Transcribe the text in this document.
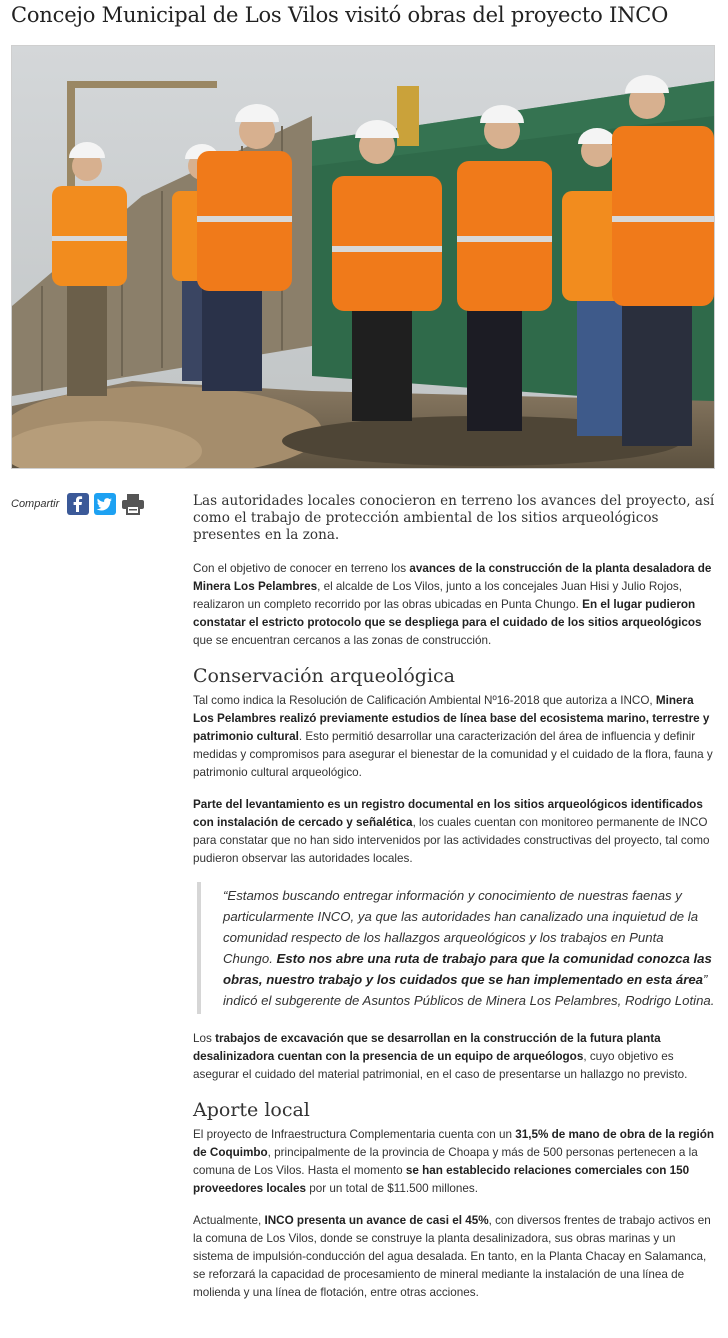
Concejo Municipal de Los Vilos visitó obras del proyecto INCO
Compartir	Las autoridades locales conocieron en terreno los avances del proyecto, así como el trabajo de protección ambiental de los sitios arqueológicos presentes en la zona.

Con el objetivo de conocer en terreno los avances de la construcción de la planta desaladora de Minera Los Pelambres, el alcalde de Los Vilos, junto a los concejales Juan Hisi y Julio Rojos, realizaron un completo recorrido por las obras ubicadas en Punta Chungo. En el lugar pudieron constatar el estricto protocolo que se despliega para el cuidado de los sitios arqueológicos que se encuentran cercanos a las zonas de construcción.

Conservación arqueológica

Tal como indica la Resolución de Calificación Ambiental Nº16-2018 que autoriza a INCO, Minera Los Pelambres realizó previamente estudios de línea base del ecosistema marino, terrestre y patrimonio cultural. Esto permitió desarrollar una caracterización del área de influencia y definir medidas y compromisos para asegurar el bienestar de la comunidad y el cuidado de la flora, fauna y patrimonio cultural arqueológico.

Parte del levantamiento es un registro documental en los sitios arqueológicos identificados con instalación de cercado y señalética, los cuales cuentan con monitoreo permanente de INCO para constatar que no han sido intervenidos por las actividades constructivas del proyecto, tal como pudieron observar las autoridades locales.

“Estamos buscando entregar información y conocimiento de nuestras faenas y particularmente INCO, ya que las autoridades han canalizado una inquietud de la comunidad respecto de los hallazgos arqueológicos y los trabajos en Punta Chungo. Esto nos abre una ruta de trabajo para que la comunidad conozca las obras, nuestro trabajo y los cuidados que se han implementado en esta área” indicó el subgerente de Asuntos Públicos de Minera Los Pelambres, Rodrigo Lotina.

Los trabajos de excavación que se desarrollan en la construcción de la futura planta desalinizadora cuentan con la presencia de un equipo de arqueólogos, cuyo objetivo es asegurar el cuidado del material patrimonial, en el caso de presentarse un hallazgo no previsto.

Aporte local

El proyecto de Infraestructura Complementaria cuenta con un 31,5% de mano de obra de la región de Coquimbo, principalmente de la provincia de Choapa y más de 500 personas pertenecen a la comuna de Los Vilos. Hasta el momento se han establecido relaciones comerciales con 150 proveedores locales por un total de $11.500 millones.

Actualmente, INCO presenta un avance de casi el 45%, con diversos frentes de trabajo activos en la comuna de Los Vilos, donde se construye la planta desalinizadora, sus obras marinas y un sistema de impulsión-conducción del agua desalada. En tanto, en la Planta Chacay en Salamanca, se reforzará la capacidad de procesamiento de mineral mediante la instalación de una línea de molienda y una línea de flotación, entre otras acciones.
